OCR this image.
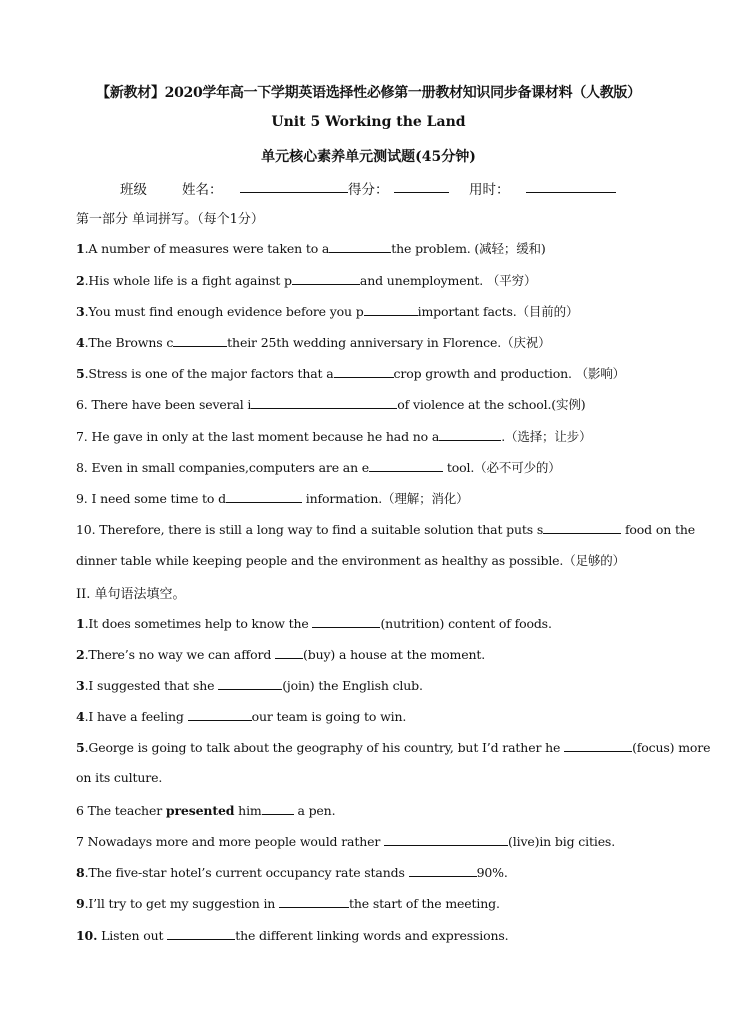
【新教材】2020学年高一下学期英语选择性必修第一册教材知识同步备课材料（人教版）
Unit 5 Working the Land
单元核心素养单元测试题(45分钟)
班级	姓名：	得分：	用时：
第一部分 单词拼写。（每个1分）
1.A number of measures were taken to a	the problem. (减轻；缓和)
2.His whole life is a fight against p	and unemployment. （平穷）
3.You must find enough evidence before you p	important facts.（目前的）
4.The Browns c	their 25th wedding anniversary in Florence.（庆祝）
5.Stress is one of the major factors that a	crop growth and production. （影响）
6. There have been several i	of violence at the school.(实例)
7. He gave in only at the last moment because he had no a	.（选择；让步）
8. Even in small companies,computers are an e	tool.（必不可少的）
9. I need some time to d	information.（理解；消化）
10. Therefore, there is still a long way to find a suitable solution that puts s	food on the
dinner table while keeping people and the environment as healthy as possible.（足够的）
II. 单句语法填空。
1.It does sometimes help to know the	(nutrition) content of foods.
2.There’s no way we can afford (buy) a house at the moment.
3.I suggested that she	(join) the English club.
4.I have a feeling	our team is going to win.
5.George is going to talk about the geography of his country, but I’d rather he	(focus) more
on its culture.
6 The teacher presented him	a pen.
7 Nowadays more and more people would rather	(live)in big cities.
8.The five-star hotel’s current occupancy rate stands	90%.
9.I’ll try to get my suggestion in	the start of the meeting.
10. Listen out	the different linking words and expressions.
